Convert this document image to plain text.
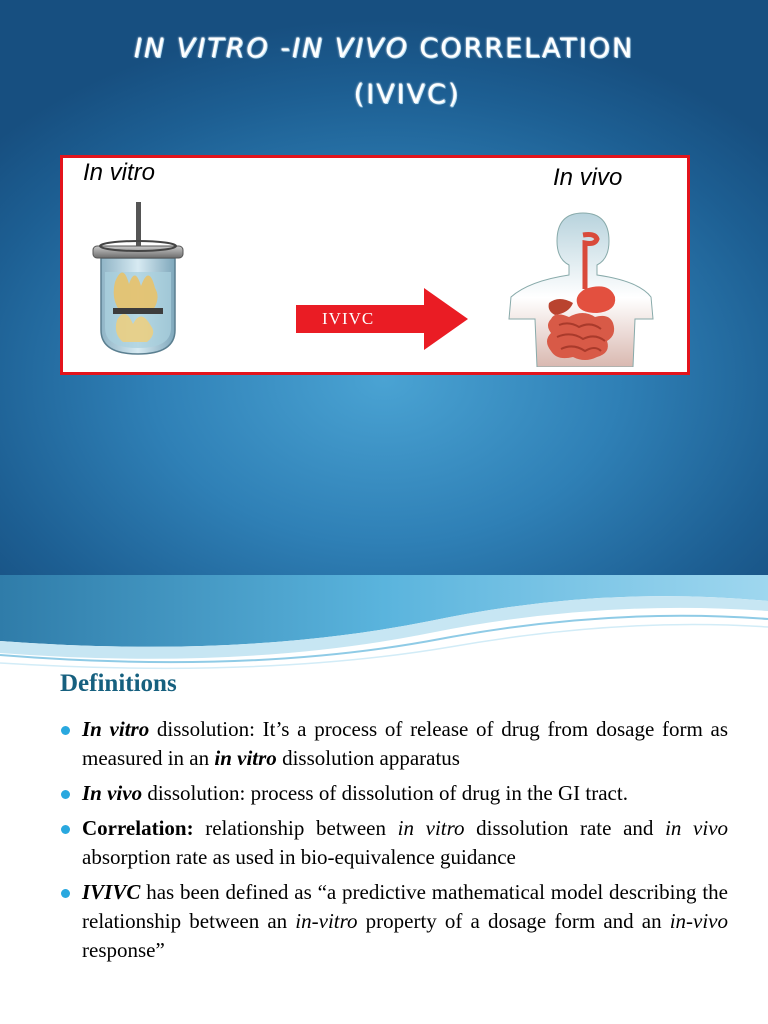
IN VITRO -IN VIVO CORRELATION
(IVIVC)
In vitro	In vivo
IVIVC
Definitions
In vitro dissolution: It’s a process of release of drug from dosage form as measured in an in vitro dissolution apparatus
In vivo dissolution: process of dissolution of drug in the GI tract.
Correlation: relationship between in vitro dissolution rate and in vivo absorption rate as used in bio-equivalence guidance
IVIVC has been defined as “a predictive mathematical model describing the relationship between an in-vitro property of a dosage form and an in-vivo response”
